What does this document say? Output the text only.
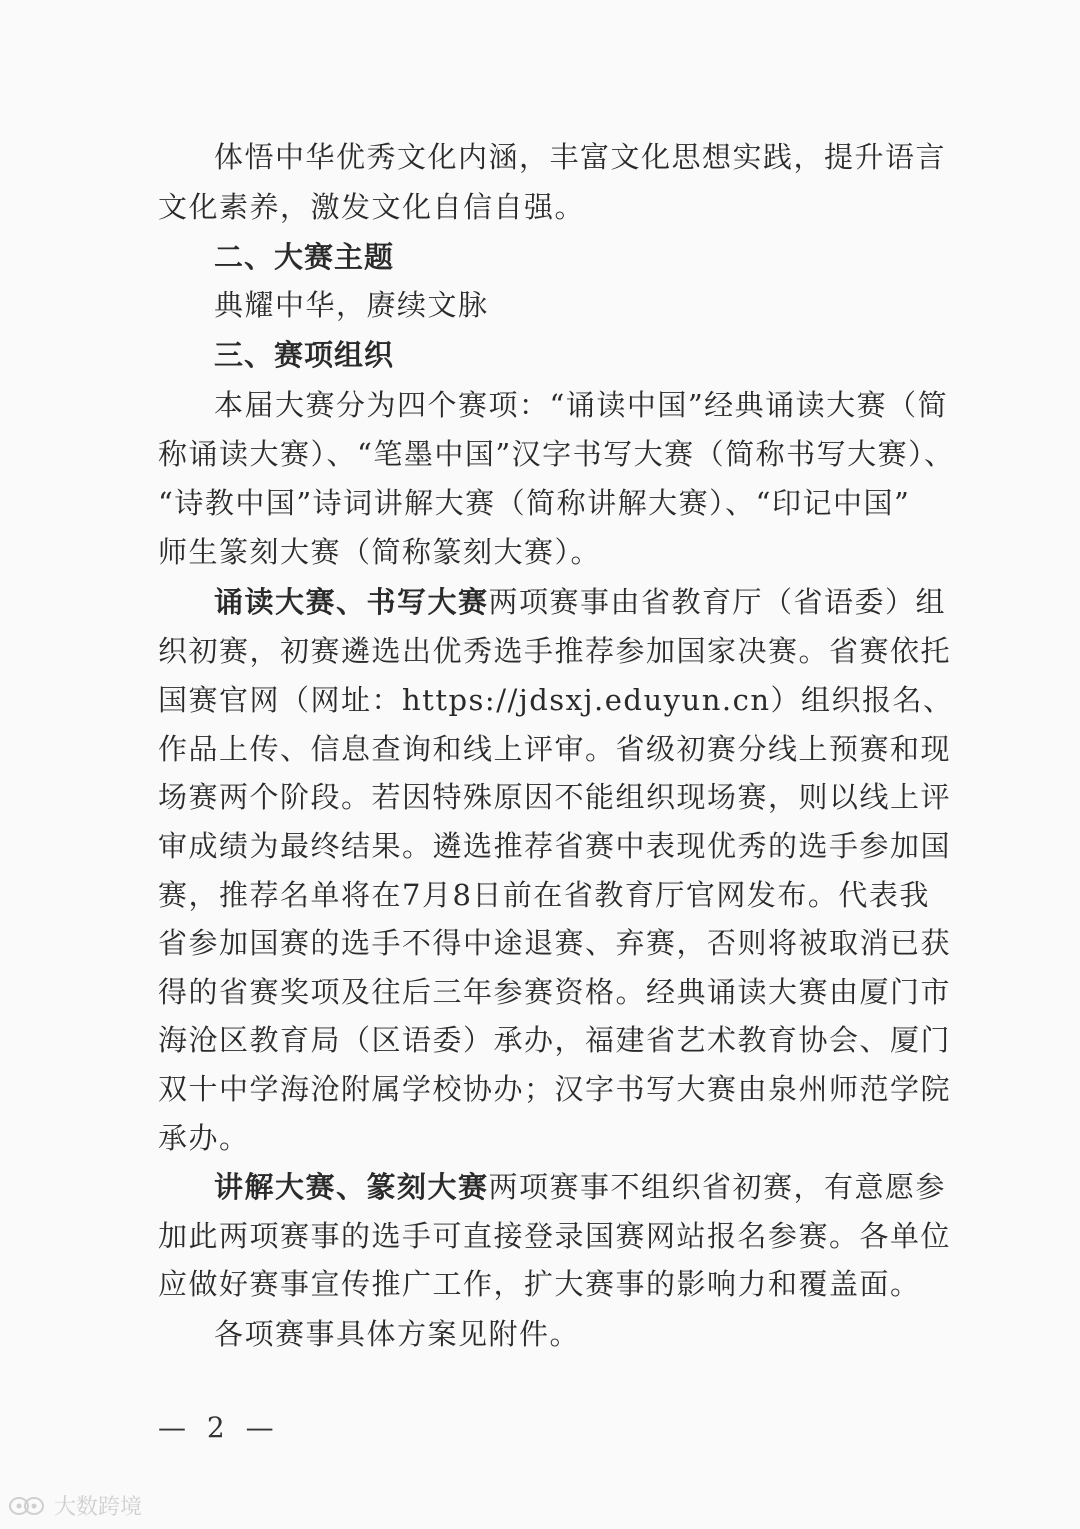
体悟中华优秀文化内涵，丰富文化思想实践，提升语言
文化素养，激发文化自信自强。
二、大赛主题
典耀中华，赓续文脉
三、赛项组织
本届大赛分为四个赛项：“诵读中国”经典诵读大赛（简
称诵读大赛）、“笔墨中国”汉字书写大赛（简称书写大赛）、
“诗教中国”诗词讲解大赛（简称讲解大赛）、“印记中国”
师生篆刻大赛（简称篆刻大赛）。
诵读大赛、书写大赛两项赛事由省教育厅（省语委）组
织初赛，初赛遴选出优秀选手推荐参加国家决赛。省赛依托
国赛官网（网址：https://jdsxj.eduyun.cn）组织报名、
作品上传、信息查询和线上评审。省级初赛分线上预赛和现
场赛两个阶段。若因特殊原因不能组织现场赛，则以线上评
审成绩为最终结果。遴选推荐省赛中表现优秀的选手参加国
赛，推荐名单将在7月8日前在省教育厅官网发布。代表我
省参加国赛的选手不得中途退赛、弃赛，否则将被取消已获
得的省赛奖项及往后三年参赛资格。经典诵读大赛由厦门市
海沧区教育局（区语委）承办，福建省艺术教育协会、厦门
双十中学海沧附属学校协办；汉字书写大赛由泉州师范学院
承办。
讲解大赛、篆刻大赛两项赛事不组织省初赛，有意愿参
加此两项赛事的选手可直接登录国赛网站报名参赛。各单位
应做好赛事宣传推广工作，扩大赛事的影响力和覆盖面。
各项赛事具体方案见附件。
— 2 —
大数跨境
